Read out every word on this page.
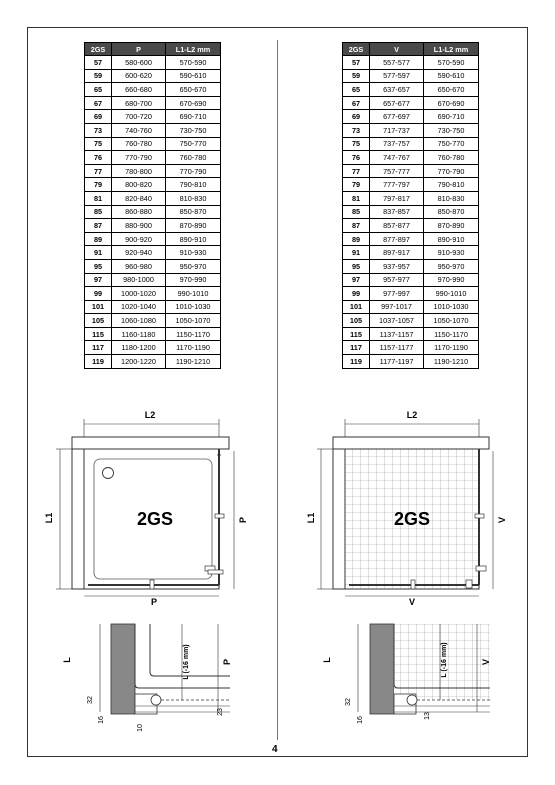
2GS	P	L1-L2 mm
57	580-600	570-590
59	600-620	590-610
65	660-680	650-670
67	680-700	670-690
69	700-720	690-710
73	740-760	730-750
75	760-780	750-770
76	770-790	760-780
77	780-800	770-790
79	800-820	790-810
81	820-840	810-830
85	860-880	850-870
87	880-900	870-890
89	900-920	890-910
91	920-940	910-930
95	960-980	950-970
97	980-1000	970-990
99	1000-1020	990-1010
101	1020-1040	1010-1030
105	1060-1080	1050-1070
115	1160-1180	1150-1170
117	1180-1200	1170-1190
119	1200-1220	1190-1210
2GS	V	L1-L2 mm
57	557-577	570-590
59	577-597	590-610
65	637-657	650-670
67	657-677	670-690
69	677-697	690-710
73	717-737	730-750
75	737-757	750-770
76	747-767	760-780
77	757-777	770-790
79	777-797	790-810
81	797-817	810-830
85	837-857	850-870
87	857-877	870-890
89	877-897	890-910
91	897-917	910-930
95	937-957	950-970
97	957-977	970-990
99	977-997	990-1010
101	997-1017	1010-1030
105	1037-1057	1050-1070
115	1137-1157	1150-1170
117	1157-1177	1170-1190
119	1177-1197	1190-1210
L2
L1	P
P
2GS
L2
L1	V
V
2GS
L	L (-16 mm)	P
32
16
10
23
L	L (-16 mm)	V
32
16
13
4
